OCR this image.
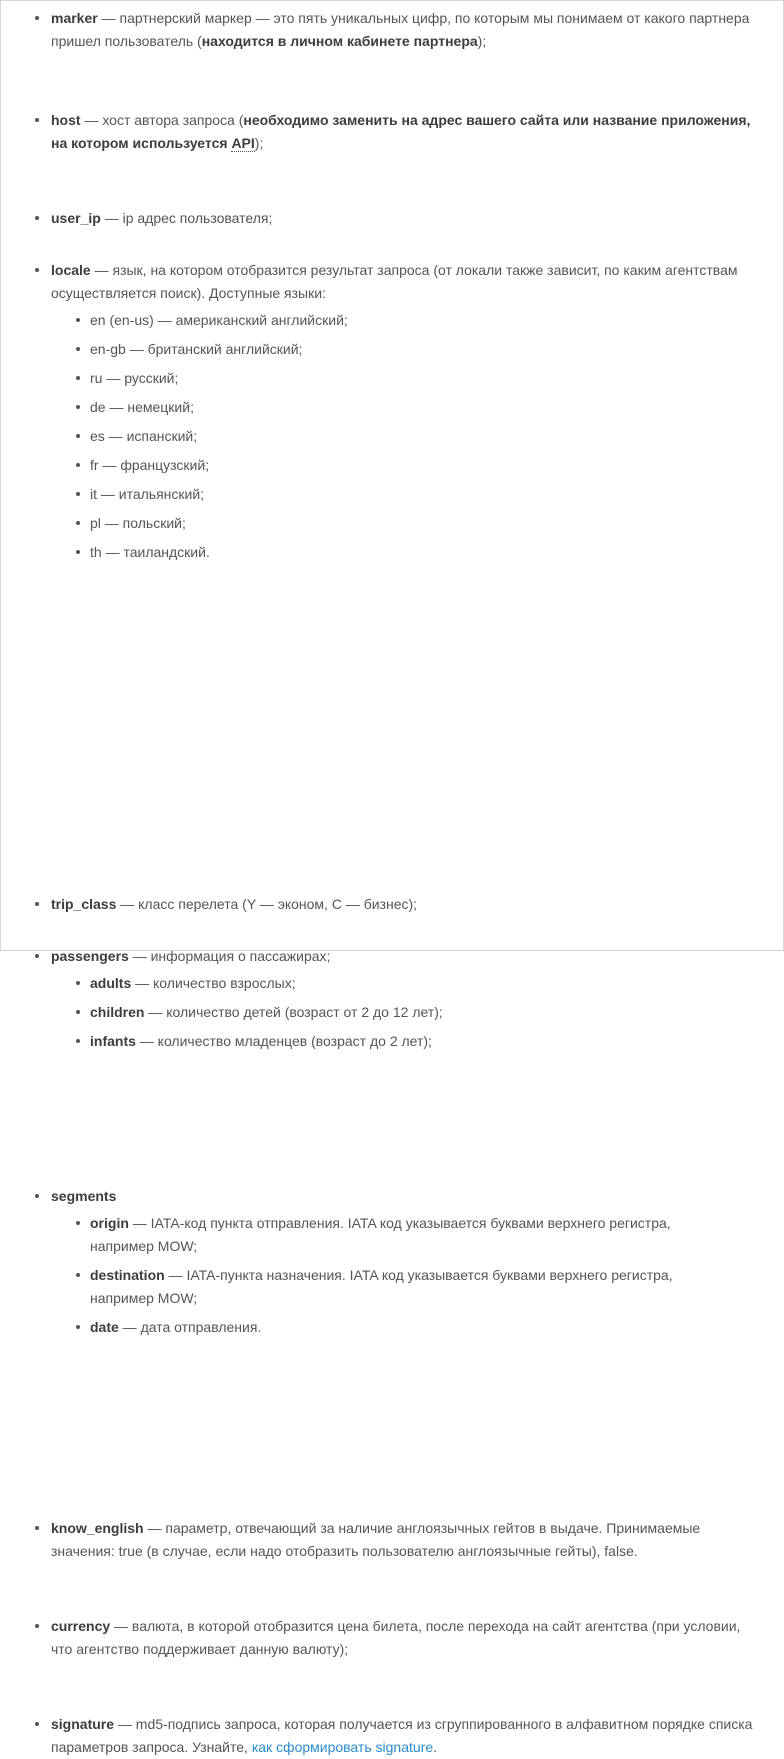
marker — партнерский маркер — это пять уникальных цифр, по которым мы понимаем от какого партнера пришел пользователь (находится в личном кабинете партнера);
host — хост автора запроса (необходимо заменить на адрес вашего сайта или название приложения, на котором используется API);
user_ip — ip адрес пользователя;
locale — язык, на котором отобразится результат запроса (от локали также зависит, по каким агентствам осуществляется поиск). Доступные языки:
en (en-us) — американский английский;
en-gb — британский английский;
ru — русский;
de — немецкий;
es — испанский;
fr — французский;
it — итальянский;
pl — польский;
th — таиландский.
trip_class — класс перелета (Y — эконом, C — бизнес);
passengers — информация о пассажирах;
adults — количество взрослых;
children — количество детей (возраст от 2 до 12 лет);
infants — количество младенцев (возраст до 2 лет);
segments
origin — IATA-код пункта отправления. IATA код указывается буквами верхнего регистра, например MOW;
destination — IATA-пункта назначения. IATA код указывается буквами верхнего регистра, например MOW;
date — дата отправления.
know_english — параметр, отвечающий за наличие англоязычных гейтов в выдаче. Принимаемые значения: true (в случае, если надо отобразить пользователю англоязычные гейты), false.
currency — валюта, в которой отобразится цена билета, после перехода на сайт агентства (при условии, что агентство поддерживает данную валюту);
signature — md5-подпись запроса, которая получается из сгруппированного в алфавитном порядке списка параметров запроса. Узнайте, как сформировать signature.
